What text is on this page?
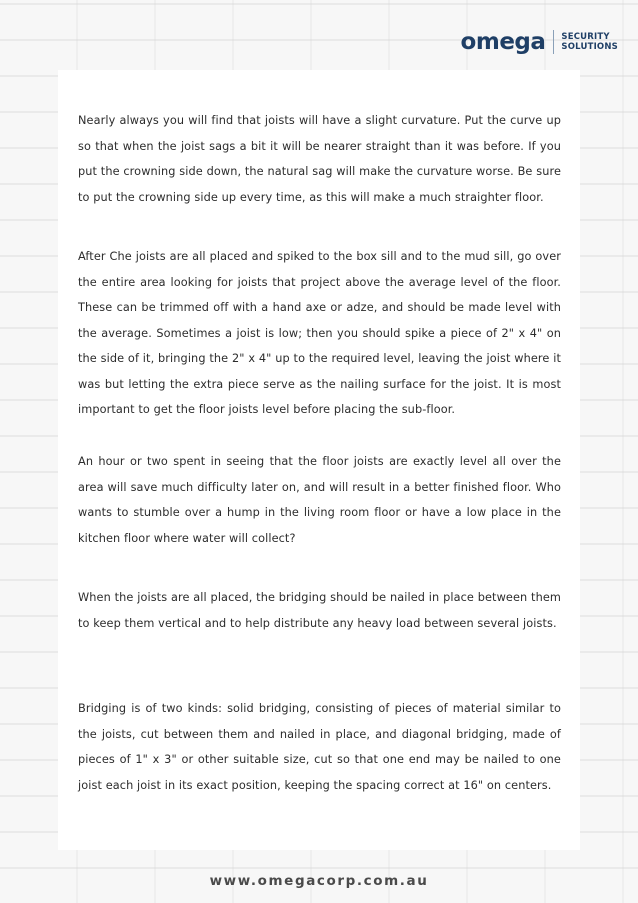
omega SECURITY
SOLUTIONS

Nearly always you will find that joists will have a slight curvature. Put the curve up so that when the joist sags a bit it will be nearer straight than it was before. If you put the crowning side down, the natural sag will make the curvature worse. Be sure to put the crowning side up every time, as this will make a much straighter floor.

After Che joists are all placed and spiked to the box sill and to the mud sill, go over the entire area looking for joists that project above the average level of the floor. These can be trimmed off with a hand axe or adze, and should be made level with the average. Sometimes a joist is low; then you should spike a piece of 2" x 4" on the side of it, bringing the 2" x 4" up to the required level, leaving the joist where it was but letting the extra piece serve as the nailing surface for the joist. It is most important to get the floor joists level before placing the sub-floor.

An hour or two spent in seeing that the floor joists are exactly level all over the area will save much difficulty later on, and will result in a better finished floor. Who wants to stumble over a hump in the living room floor or have a low place in the kitchen floor where water will collect?

When the joists are all placed, the bridging should be nailed in place between them to keep them vertical and to help distribute any heavy load between several joists.

Bridging is of two kinds: solid bridging, consisting of pieces of material similar to the joists, cut between them and nailed in place, and diagonal bridging, made of pieces of 1" x 3" or other suitable size, cut so that one end may be nailed to one joist each joist in its exact position, keeping the spacing correct at 16" on centers.

www.omegacorp.com.au
